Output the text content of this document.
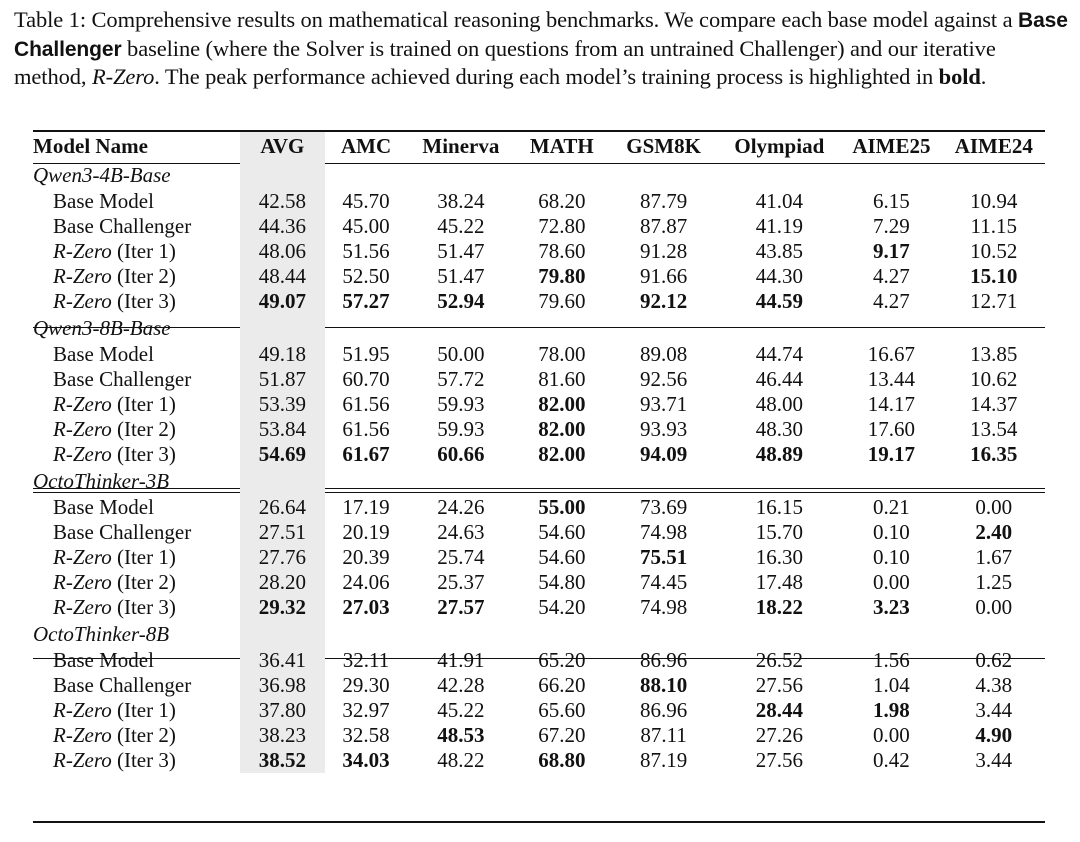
Table 1: Comprehensive results on mathematical reasoning benchmarks. We compare each base model against a Base Challenger baseline (where the Solver is trained on questions from an untrained Challenger) and our iterative method, R-Zero. The peak performance achieved during each model’s training process is highlighted in bold.
Model Name	AVG	AMC	Minerva	MATH	GSM8K	Olympiad	AIME25	AIME24
Qwen3-4B-Base								
Base Model	42.58	45.70	38.24	68.20	87.79	41.04	6.15	10.94
Base Challenger	44.36	45.00	45.22	72.80	87.87	41.19	7.29	11.15
R-Zero (Iter 1)	48.06	51.56	51.47	78.60	91.28	43.85	9.17	10.52
R-Zero (Iter 2)	48.44	52.50	51.47	79.80	91.66	44.30	4.27	15.10
R-Zero (Iter 3)	49.07	57.27	52.94	79.60	92.12	44.59	4.27	12.71
Qwen3-8B-Base								
Base Model	49.18	51.95	50.00	78.00	89.08	44.74	16.67	13.85
Base Challenger	51.87	60.70	57.72	81.60	92.56	46.44	13.44	10.62
R-Zero (Iter 1)	53.39	61.56	59.93	82.00	93.71	48.00	14.17	14.37
R-Zero (Iter 2)	53.84	61.56	59.93	82.00	93.93	48.30	17.60	13.54
R-Zero (Iter 3)	54.69	61.67	60.66	82.00	94.09	48.89	19.17	16.35
OctoThinker-3B								
Base Model	26.64	17.19	24.26	55.00	73.69	16.15	0.21	0.00
Base Challenger	27.51	20.19	24.63	54.60	74.98	15.70	0.10	2.40
R-Zero (Iter 1)	27.76	20.39	25.74	54.60	75.51	16.30	0.10	1.67
R-Zero (Iter 2)	28.20	24.06	25.37	54.80	74.45	17.48	0.00	1.25
R-Zero (Iter 3)	29.32	27.03	27.57	54.20	74.98	18.22	3.23	0.00
OctoThinker-8B								
Base Model	36.41	32.11	41.91	65.20	86.96	26.52	1.56	0.62
Base Challenger	36.98	29.30	42.28	66.20	88.10	27.56	1.04	4.38
R-Zero (Iter 1)	37.80	32.97	45.22	65.60	86.96	28.44	1.98	3.44
R-Zero (Iter 2)	38.23	32.58	48.53	67.20	87.11	27.26	0.00	4.90
R-Zero (Iter 3)	38.52	34.03	48.22	68.80	87.19	27.56	0.42	3.44
